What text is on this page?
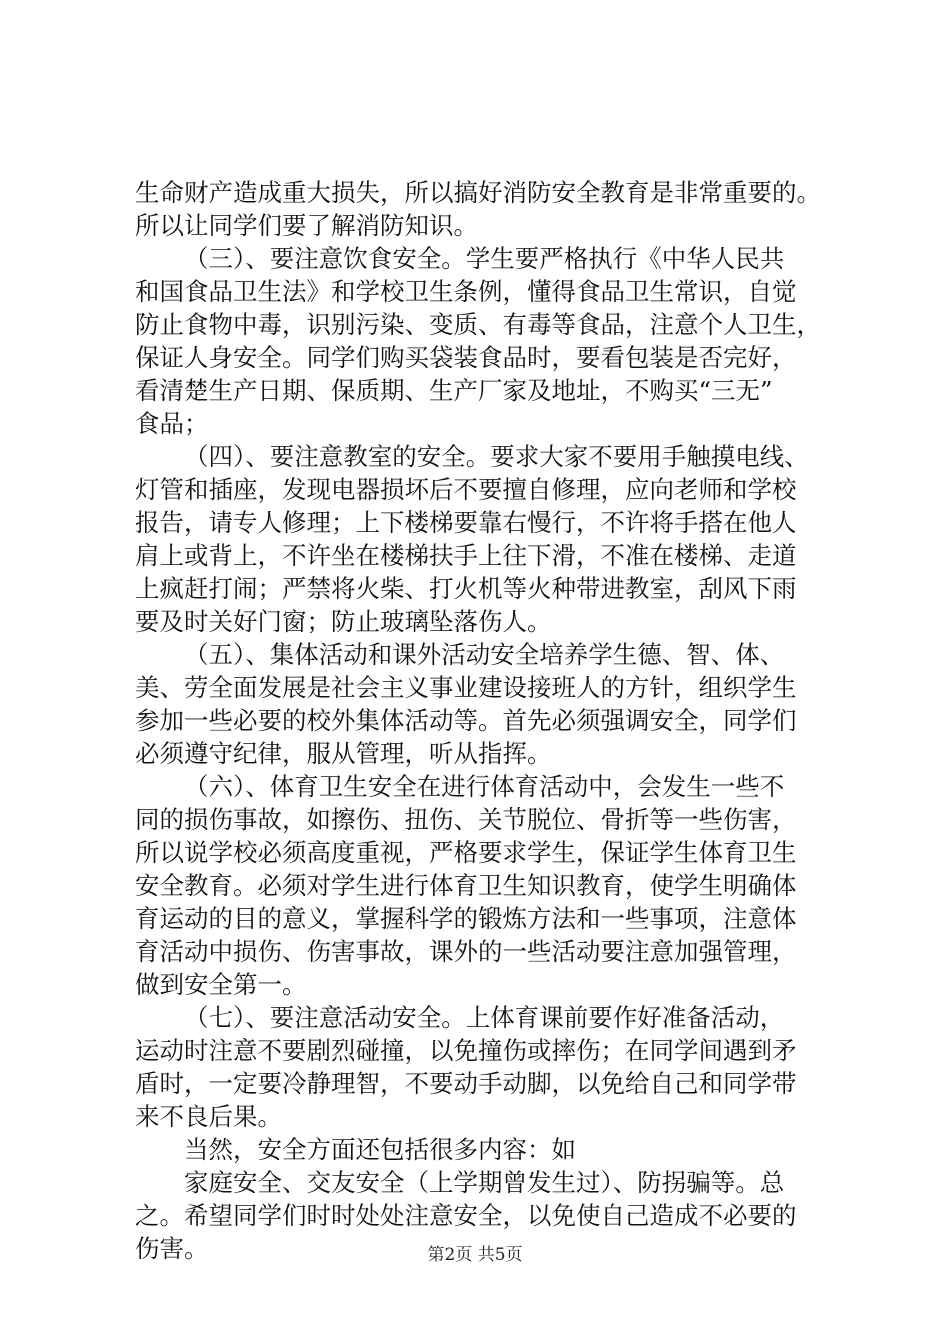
生命财产造成重大损失，所以搞好消防安全教育是非常重要的。
所以让同学们要了解消防知识。
（三）、要注意饮食安全。学生要严格执行《中华人民共
和国食品卫生法》和学校卫生条例，懂得食品卫生常识，自觉
防止食物中毒，识别污染、变质、有毒等食品，注意个人卫生，
保证人身安全。同学们购买袋装食品时，要看包装是否完好，
看清楚生产日期、保质期、生产厂家及地址，不购买“三无”
食品；
（四）、要注意教室的安全。要求大家不要用手触摸电线、
灯管和插座，发现电器损坏后不要擅自修理，应向老师和学校
报告，请专人修理；上下楼梯要靠右慢行，不许将手搭在他人
肩上或背上，不许坐在楼梯扶手上往下滑，不准在楼梯、走道
上疯赶打闹；严禁将火柴、打火机等火种带进教室，刮风下雨
要及时关好门窗；防止玻璃坠落伤人。
（五）、集体活动和课外活动安全培养学生德、智、体、
美、劳全面发展是社会主义事业建设接班人的方针，组织学生
参加一些必要的校外集体活动等。首先必须强调安全，同学们
必须遵守纪律，服从管理，听从指挥。
（六）、体育卫生安全在进行体育活动中，会发生一些不
同的损伤事故，如擦伤、扭伤、关节脱位、骨折等一些伤害，
所以说学校必须高度重视，严格要求学生，保证学生体育卫生
安全教育。必须对学生进行体育卫生知识教育，使学生明确体
育运动的目的意义，掌握科学的锻炼方法和一些事项，注意体
育活动中损伤、伤害事故，课外的一些活动要注意加强管理，
做到安全第一。
（七）、要注意活动安全。上体育课前要作好准备活动，
运动时注意不要剧烈碰撞，以免撞伤或摔伤；在同学间遇到矛
盾时，一定要冷静理智，不要动手动脚，以免给自己和同学带
来不良后果。
当然，安全方面还包括很多内容：如
家庭安全、交友安全（上学期曾发生过）、防拐骗等。总
之。希望同学们时时处处注意安全，以免使自己造成不必要的
伤害。	第2页 共5页
